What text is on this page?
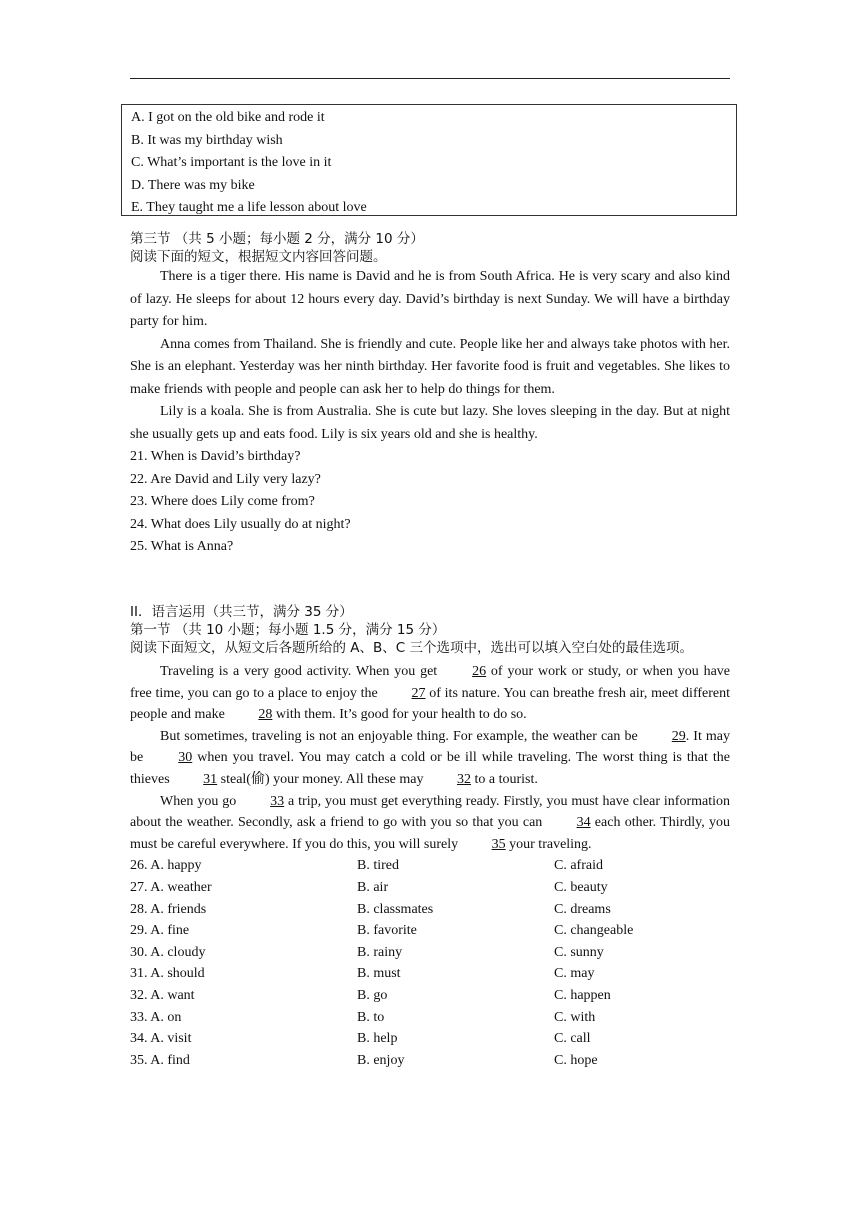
A. I got on the old bike and rode it
B. It was my birthday wish
C. What’s important is the love in it
D. There was my bike
E. They taught me a life lesson about love
第三节 （共 5 小题；每小题 2 分，满分 10 分）
阅读下面的短文，根据短文内容回答问题。

There is a tiger there. His name is David and he is from South Africa. He is very scary and also kind of lazy. He sleeps for about 12 hours every day. David’s birthday is next Sunday. We will have a birthday party for him.

Anna comes from Thailand. She is friendly and cute. People like her and always take photos with her. She is an elephant. Yesterday was her ninth birthday. Her favorite food is fruit and vegetables. She likes to make friends with people and people can ask her to help do things for them.

Lily is a koala. She is from Australia. She is cute but lazy. She loves sleeping in the day. But at night she usually gets up and eats food. Lily is six years old and she is healthy.

21. When is David’s birthday?

22. Are David and Lily very lazy?

23. Where does Lily come from?

24. What does Lily usually do at night?

25. What is Anna?

II．语言运用（共三节，满分 35 分）
第一节 （共 10 小题；每小题 1.5 分，满分 15 分）
阅读下面短文，从短文后各题所给的 A、B、C 三个选项中，选出可以填入空白处的最佳选项。

Traveling is a very good activity. When you get 26 of your work or study, or when you have free time, you can go to a place to enjoy the 27 of its nature. You can breathe fresh air, meet different people and make 28 with them. It’s good for your health to do so.

But sometimes, traveling is not an enjoyable thing. For example, the weather can be 29. It may be 30 when you travel. You may catch a cold or be ill while traveling. The worst thing is that the thieves 31 steal(偷) your money. All these may 32 to a tourist.

When you go 33 a trip, you must get everything ready. Firstly, you must have clear information about the weather. Secondly, ask a friend to go with you so that you can 34 each other. Thirdly, you must be careful everywhere. If you do this, you will surely 35 your traveling.

26. A. happy	B. tired	C. afraid
27. A. weather	B. air	C. beauty
28. A. friends	B. classmates	C. dreams
29. A. fine	B. favorite	C. changeable
30. A. cloudy	B. rainy	C. sunny
31. A. should	B. must	C. may
32. A. want	B. go	C. happen
33. A. on	B. to	C. with
34. A. visit	B. help	C. call
35. A. find	B. enjoy	C. hope
